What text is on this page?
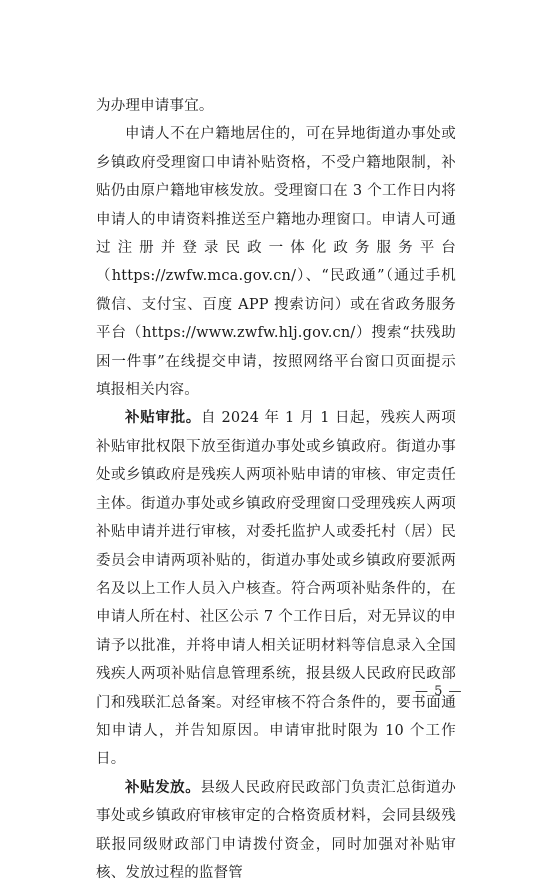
为办理申请事宜。

申请人不在户籍地居住的，可在异地街道办事处或乡镇政府受理窗口申请补贴资格，不受户籍地限制，补贴仍由原户籍地审核发放。受理窗口在 3 个工作日内将申请人的申请资料推送至户籍地办理窗口。申请人可通过注册并登录民政一体化政务服务平台（https://zwfw.mca.gov.cn/）、“民政通”（通过手机微信、支付宝、百度 APP 搜索访问）或在省政务服务平台（https://www.zwfw.hlj.gov.cn/）搜索“扶残助困一件事”在线提交申请，按照网络平台窗口页面提示填报相关内容。

补贴审批。自 2024 年 1 月 1 日起，残疾人两项补贴审批权限下放至街道办事处或乡镇政府。街道办事处或乡镇政府是残疾人两项补贴申请的审核、审定责任主体。街道办事处或乡镇政府受理窗口受理残疾人两项补贴申请并进行审核，对委托监护人或委托村（居）民委员会申请两项补贴的，街道办事处或乡镇政府要派两名及以上工作人员入户核查。符合两项补贴条件的，在申请人所在村、社区公示 7 个工作日后，对无异议的申请予以批准，并将申请人相关证明材料等信息录入全国残疾人两项补贴信息管理系统，报县级人民政府民政部门和残联汇总备案。对经审核不符合条件的，要书面通知申请人，并告知原因。申请审批时限为 10 个工作日。

补贴发放。县级人民政府民政部门负责汇总街道办事处或乡镇政府审核审定的合格资质材料，会同县级残联报同级财政部门申请拨付资金，同时加强对补贴审核、发放过程的监督管

— 5 —
